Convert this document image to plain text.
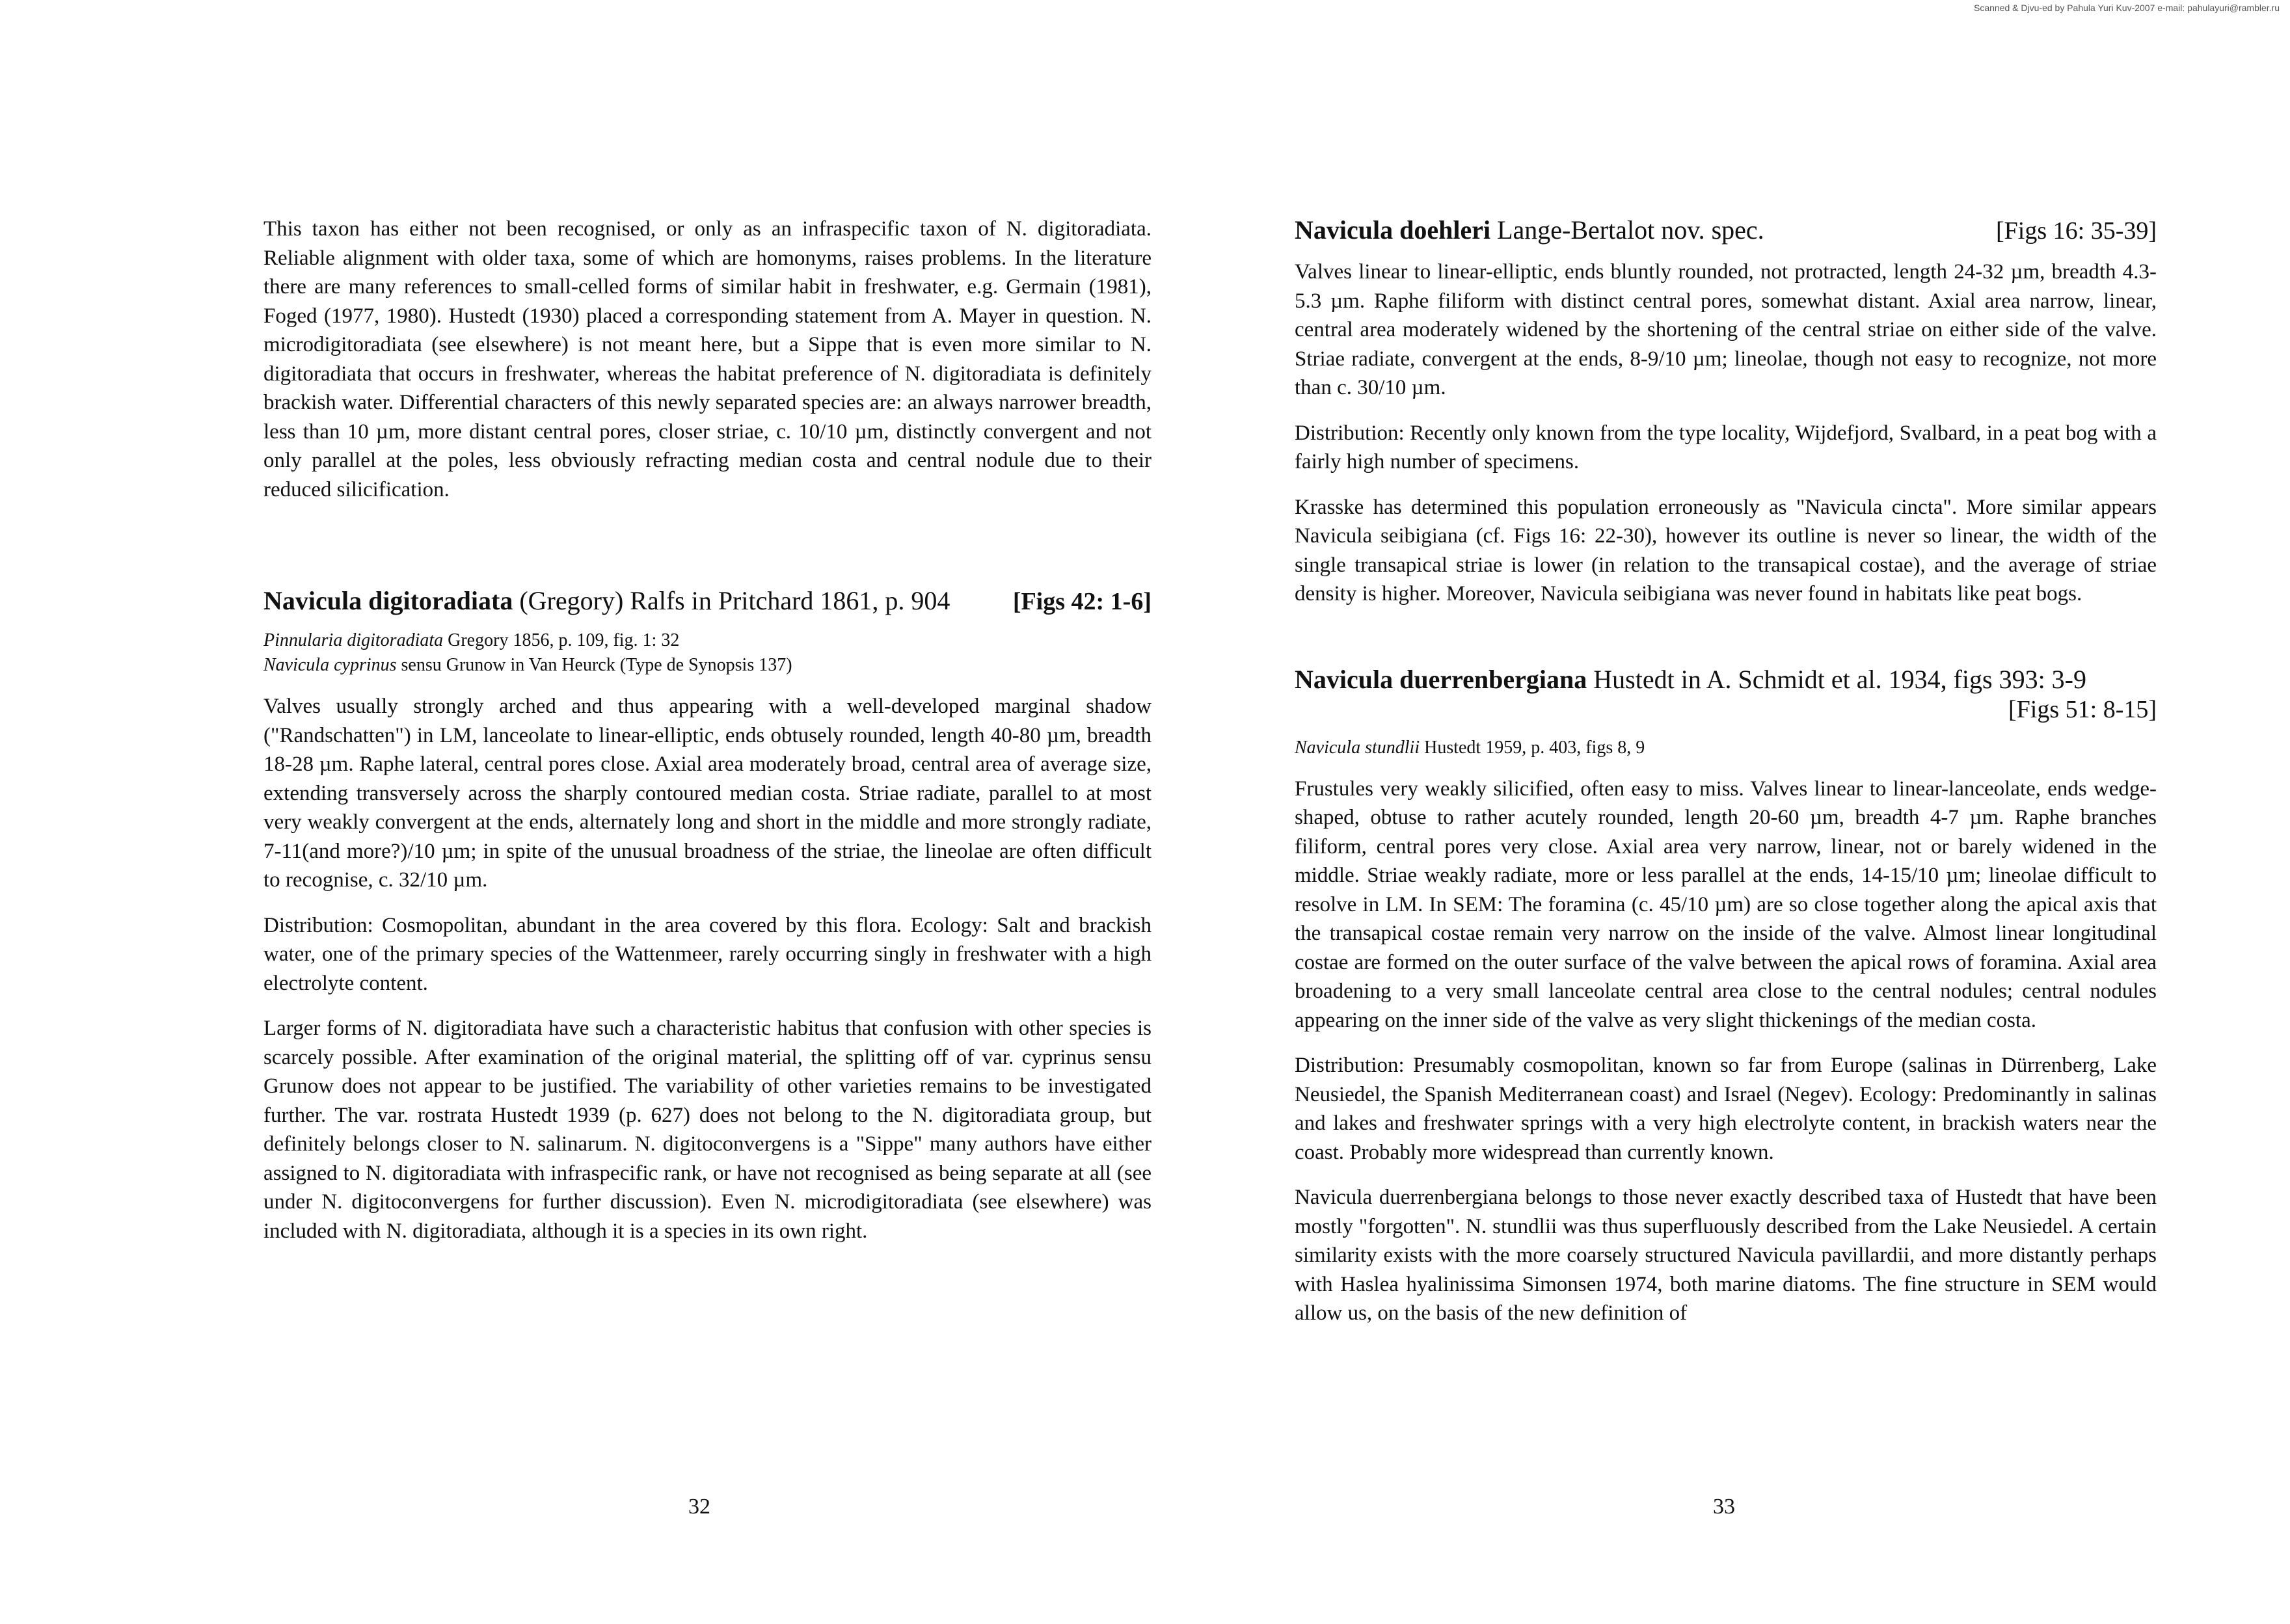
Scanned & Djvu-ed by Pahula Yuri Kuv-2007 e-mail: pahulayuri@rambler.ru

This taxon has either not been recognised, or only as an infraspecific taxon of N. digitoradiata. Reliable alignment with older taxa, some of which are homonyms, raises problems. In the literature there are many references to small-celled forms of similar habit in freshwater, e.g. Germain (1981), Foged (1977, 1980). Hustedt (1930) placed a corresponding statement from A. Mayer in question. N. microdigitoradiata (see elsewhere) is not meant here, but a Sippe that is even more similar to N. digitoradiata that occurs in freshwater, whereas the habitat preference of N. digitoradiata is definitely brackish water. Differential characters of this newly separated species are: an always narrower breadth, less than 10 µm, more distant central pores, closer striae, c. 10/10 µm, distinctly convergent and not only parallel at the poles, less obviously refracting median costa and central nodule due to their reduced silicification.

Navicula digitoradiata (Gregory) Ralfs in Pritchard 1861, p. 904	[Figs 42: 1-6]

Pinnularia digitoradiata Gregory 1856, p. 109, fig. 1: 32

Navicula cyprinus sensu Grunow in Van Heurck (Type de Synopsis 137)

Valves usually strongly arched and thus appearing with a well-developed marginal shadow ("Randschatten") in LM, lanceolate to linear-elliptic, ends obtusely rounded, length 40-80 µm, breadth 18-28 µm. Raphe lateral, central pores close. Axial area moderately broad, central area of average size, extending transversely across the sharply contoured median costa. Striae radiate, parallel to at most very weakly convergent at the ends, alternately long and short in the middle and more strongly radiate, 7-11(and more?)/10 µm; in spite of the unusual broadness of the striae, the lineolae are often difficult to recognise, c. 32/10 µm.

Distribution: Cosmopolitan, abundant in the area covered by this flora. Ecology: Salt and brackish water, one of the primary species of the Wattenmeer, rarely occurring singly in freshwater with a high electrolyte content.

Larger forms of N. digitoradiata have such a characteristic habitus that confusion with other species is scarcely possible. After examination of the original material, the splitting off of var. cyprinus sensu Grunow does not appear to be justified. The variability of other varieties remains to be investigated further. The var. rostrata Hustedt 1939 (p. 627) does not belong to the N. digitoradiata group, but definitely belongs closer to N. salinarum. N. digitoconvergens is a "Sippe" many authors have either assigned to N. digitoradiata with infraspecific rank, or have not recognised as being separate at all (see under N. digitoconvergens for further discussion). Even N. microdigitoradiata (see elsewhere) was included with N. digitoradiata, although it is a species in its own right.

Navicula doehleri Lange-Bertalot nov. spec.	[Figs 16: 35-39]

Valves linear to linear-elliptic, ends bluntly rounded, not protracted, length 24-32 µm, breadth 4.3-5.3 µm. Raphe filiform with distinct central pores, somewhat distant. Axial area narrow, linear, central area moderately widened by the shortening of the central striae on either side of the valve. Striae radiate, convergent at the ends, 8-9/10 µm; lineolae, though not easy to recognize, not more than c. 30/10 µm.

Distribution: Recently only known from the type locality, Wijdefjord, Svalbard, in a peat bog with a fairly high number of specimens.

Krasske has determined this population erroneously as "Navicula cincta". More similar appears Navicula seibigiana (cf. Figs 16: 22-30), however its outline is never so linear, the width of the single transapical striae is lower (in relation to the transapical costae), and the average of striae density is higher. Moreover, Navicula seibigiana was never found in habitats like peat bogs.

Navicula duerrenbergiana Hustedt in A. Schmidt et al. 1934, figs 393: 3-9
[Figs 51: 8-15]

Navicula stundlii Hustedt 1959, p. 403, figs 8, 9

Frustules very weakly silicified, often easy to miss. Valves linear to linear-lanceolate, ends wedge-shaped, obtuse to rather acutely rounded, length 20-60 µm, breadth 4-7 µm. Raphe branches filiform, central pores very close. Axial area very narrow, linear, not or barely widened in the middle. Striae weakly radiate, more or less parallel at the ends, 14-15/10 µm; lineolae difficult to resolve in LM. In SEM: The foramina (c. 45/10 µm) are so close together along the apical axis that the transapical costae remain very narrow on the inside of the valve. Almost linear longitudinal costae are formed on the outer surface of the valve between the apical rows of foramina. Axial area broadening to a very small lanceolate central area close to the central nodules; central nodules appearing on the inner side of the valve as very slight thickenings of the median costa.

Distribution: Presumably cosmopolitan, known so far from Europe (salinas in Dürrenberg, Lake Neusiedel, the Spanish Mediterranean coast) and Israel (Negev). Ecology: Predominantly in salinas and lakes and freshwater springs with a very high electrolyte content, in brackish waters near the coast. Probably more widespread than currently known.

Navicula duerrenbergiana belongs to those never exactly described taxa of Hustedt that have been mostly "forgotten". N. stundlii was thus superfluously described from the Lake Neusiedel. A certain similarity exists with the more coarsely structured Navicula pavillardii, and more distantly perhaps with Haslea hyalinissima Simonsen 1974, both marine diatoms. The fine structure in SEM would allow us, on the basis of the new definition of

32	33
